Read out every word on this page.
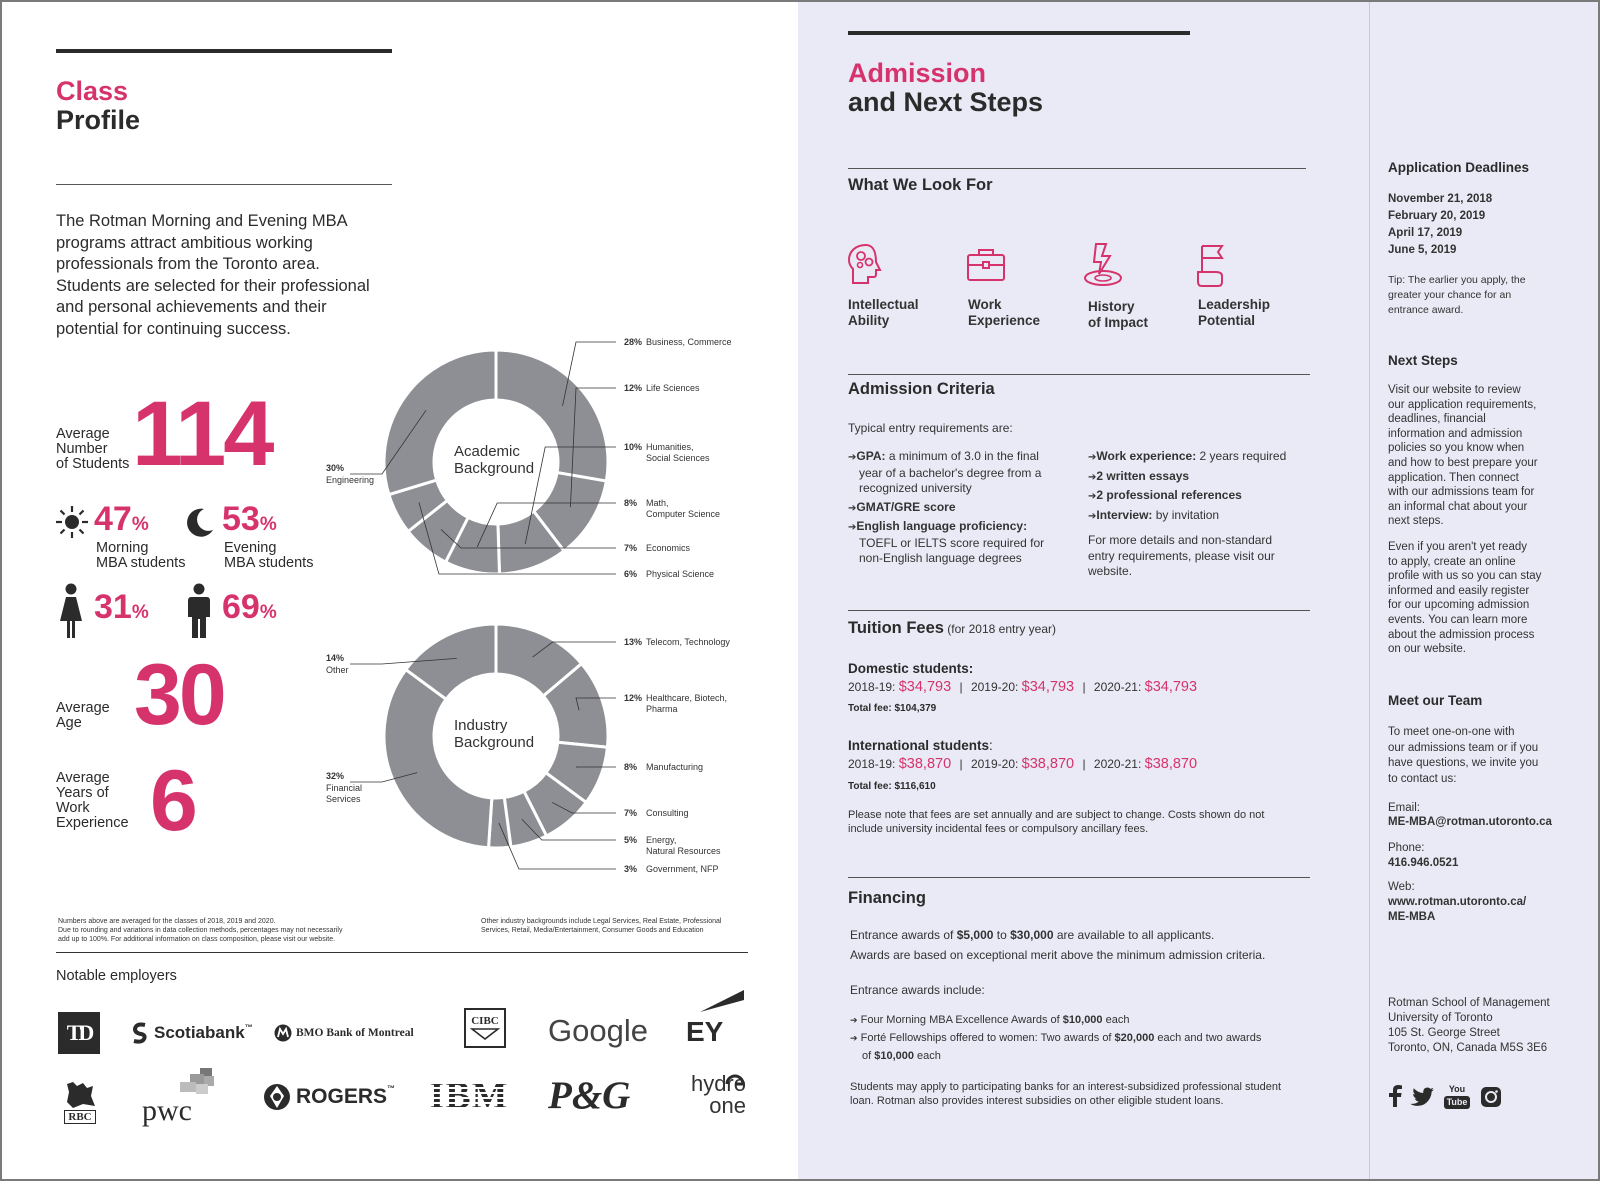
Class
Profile
The Rotman Morning and Evening MBA
programs attract ambitious working
professionals from the Toronto area.
Students are selected for their professional
and personal achievements and their
potential for continuing success.
Average
Number
of Students 114
47%
Morning
MBA students
53%
Evening
MBA students
31% 69%
Average
Age 30
Average
Years of
Work
Experience 6
28% Business, Commerce
12% Life Sciences
10% Humanities,
Social Sciences
8% Math,
Computer Science
7% Economics
6% Physical Science
30%
Engineering
Academic
Background
13% Telecom, Technology
12% Healthcare, Biotech,
Pharma
8% Manufacturing
7% Consulting
5% Energy,
Natural Resources
3% Government, NFP
32%
Financial
Services
14%
Other
Industry
Background
Numbers above are averaged for the classes of 2018, 2019 and 2020.
Due to rounding and variations in data collection methods, percentages may not necessarily
add up to 100%. For additional information on class composition, please visit our website.
Other industry backgrounds include Legal Services, Real Estate, Professional
Services, Retail, Media/Entertainment, Consumer Goods and Education
Notable employers
TD	Scotiabank ™	BMO Bank of Montreal
CIBC Google EY
RBC pwc	ROGERS ™ IBM P&G	hydro one
Admission
and Next Steps
What We Look For
Intellectual
Ability
Work
Experience
History
of Impact
Leadership
Potential
Admission Criteria
Typical entry requirements are:
➔GPA: a minimum of 3.0 in the final
year of a bachelor's degree from a
recognized university
➔GMAT/GRE score
➔English language proficiency:
TOEFL or IELTS score required for
non-English language degrees
➔Work experience: 2 years required
➔2 written essays
➔2 professional references
➔Interview: by invitation
For more details and non-standard
entry requirements, please visit our
website.
Tuition Fees (for 2018 entry year)
Domestic students:
2018-19: $34,793 | 2019-20: $34,793 | 2020-21: $34,793
Total fee: $104,379
International students:
2018-19: $38,870 | 2019-20: $38,870 | 2020-21: $38,870
Total fee: $116,610
Please note that fees are set annually and are subject to change. Costs shown do not
include university incidental fees or compulsory ancillary fees.
Financing
Entrance awards of $5,000 to $30,000 are available to all applicants.
Awards are based on exceptional merit above the minimum admission criteria.
Entrance awards include:
➔ Four Morning MBA Excellence Awards of $10,000 each
➔ Forté Fellowships offered to women: Two awards of $20,000 each and two awards
of $10,000 each
Students may apply to participating banks for an interest-subsidized professional student
loan. Rotman also provides interest subsidies on other eligible student loans.
Application Deadlines
November 21, 2018
February 20, 2019
April 17, 2019
June 5, 2019
Tip: The earlier you apply, the
greater your chance for an
entrance award.
Next Steps
Visit our website to review
our application requirements,
deadlines, financial
information and admission
policies so you know when
and how to best prepare your
application. Then connect
with our admissions team for
an informal chat about your
next steps.
Even if you aren't yet ready
to apply, create an online
profile with us so you can stay
informed and easily register
for our upcoming admission
events. You can learn more
about the admission process
on our website.
Meet our Team
To meet one-on-one with
our admissions team or if you
have questions, we invite you
to contact us:
Email:
ME-MBA@rotman.utoronto.ca
Phone:
416.946.0521
Web:
www.rotman.utoronto.ca/
ME-MBA
Rotman School of Management
University of Toronto
105 St. George Street
Toronto, ON, Canada M5S 3E6
You
Tube
